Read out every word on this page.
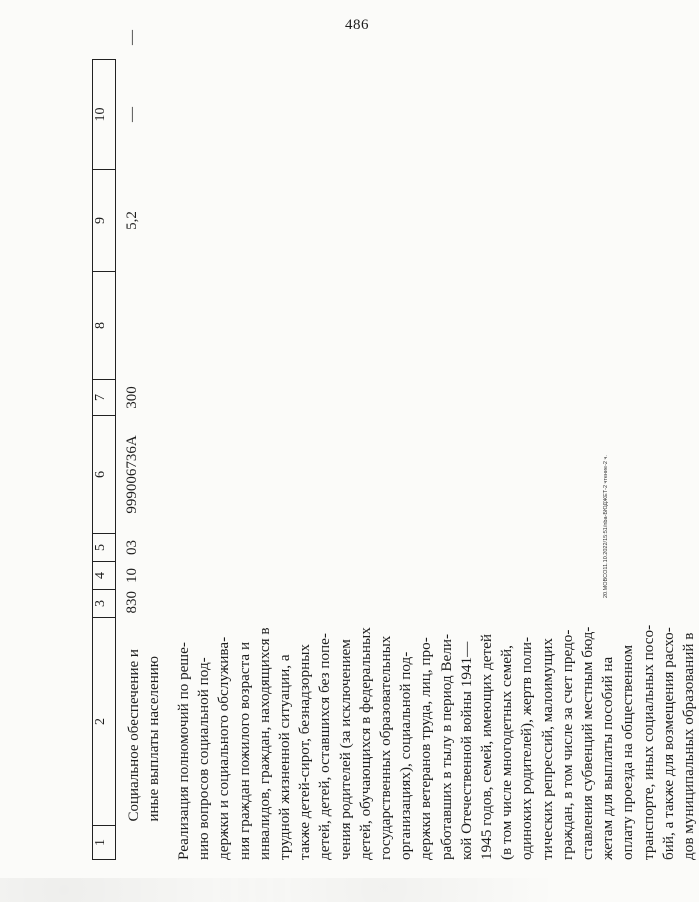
486
20.MOBCO11.10.2022/15:51/nba-БЮДЖЕТ-2 чтение-2 ч.
1	2	3	4	5	6	7	8	9	10
	Социальное обеспечение и иные выплаты населению	830	10	03	999006736А	300		5,2	—
—
Реализация полномочий по реше- нию вопросов социальной под- держки и социального обслужива- ния граждан пожилого возраста и инвалидов, граждан, находящихся в трудной жизненной ситуации, а также детей-сирот, безнадзорных детей, детей, оставшихся без попе- чения родителей (за исключением детей, обучающихся в федеральных государственных образовательных организациях), социальной под- держки ветеранов труда, лиц, про- работавших в тылу в период Вели- кой Отечественной войны 1941— 1945 годов, семей, имеющих детей (в том числе многодетных семей, одиноких родителей), жертв поли- тических репрессий, малоимущих граждан, в том числе за счет предо- ставления субвенций местным бюд- жетам для выплаты пособий на оплату проезда на общественном транспорте, иных социальных посо- бий, а также для возмещения расхо- дов муниципальных образований в
